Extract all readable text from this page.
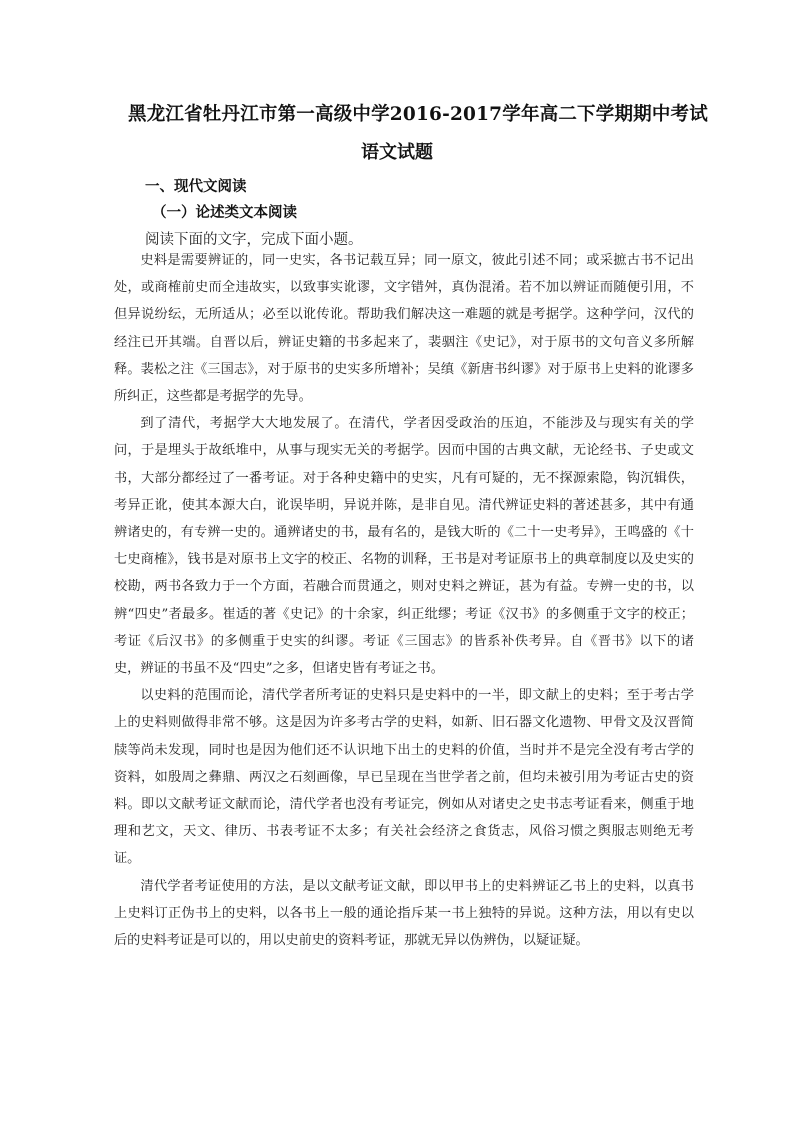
黑龙江省牡丹江市第一高级中学2016-2017学年高二下学期期中考试
语文试题
一、现代文阅读
（一）论述类文本阅读
阅读下面的文字，完成下面小题。

史料是需要辨证的，同一史实，各书记载互异；同一原文，彼此引述不同；或采摭古书不记出处，或商榷前史而全违故实，以致事实讹谬，文字错舛，真伪混淆。若不加以辨证而随便引用，不但异说纷纭，无所适从；必至以讹传讹。帮助我们解决这一难题的就是考据学。这种学问，汉代的经注已开其端。自晋以后，辨证史籍的书多起来了，裴骃注《史记》，对于原书的文句音义多所解释。裴松之注《三国志》，对于原书的史实多所增补；吴缜《新唐书纠谬》对于原书上史料的讹谬多所纠正，这些都是考据学的先导。

到了清代，考据学大大地发展了。在清代，学者因受政治的压迫，不能涉及与现实有关的学问，于是埋头于故纸堆中，从事与现实无关的考据学。因而中国的古典文献，无论经书、子史或文书，大部分都经过了一番考证。对于各种史籍中的史实，凡有可疑的，无不探源索隐，钩沉辑佚，考异正讹，使其本源大白，讹误毕明，异说并陈，是非自见。清代辨证史料的著述甚多，其中有通辨诸史的，有专辨一史的。通辨诸史的书，最有名的，是钱大昕的《二十一史考异》，王鸣盛的《十七史商榷》，钱书是对原书上文字的校正、名物的训释，王书是对考证原书上的典章制度以及史实的校勘，两书各致力于一个方面，若融合而贯通之，则对史料之辨证，甚为有益。专辨一史的书，以辨“四史”者最多。崔适的著《史记》的十余家，纠正纰缪；考证《汉书》的多侧重于文字的校正；考证《后汉书》的多侧重于史实的纠谬。考证《三国志》的皆系补佚考异。自《晋书》以下的诸史，辨证的书虽不及“四史”之多，但诸史皆有考证之书。

以史料的范围而论，清代学者所考证的史料只是史料中的一半，即文献上的史料；至于考古学上的史料则做得非常不够。这是因为许多考古学的史料，如新、旧石器文化遗物、甲骨文及汉晋简牍等尚未发现，同时也是因为他们还不认识地下出土的史料的价值，当时并不是完全没有考古学的资料，如殷周之彝鼎、两汉之石刻画像，早已呈现在当世学者之前，但均未被引用为考证古史的资料。即以文献考证文献而论，清代学者也没有考证完，例如从对诸史之史书志考证看来，侧重于地理和艺文，天文、律历、书表考证不太多；有关社会经济之食货志，风俗习惯之舆服志则绝无考证。

清代学者考证使用的方法，是以文献考证文献，即以甲书上的史料辨证乙书上的史料，以真书上史料订正伪书上的史料，以各书上一般的通论指斥某一书上独特的异说。这种方法，用以有史以后的史料考证是可以的，用以史前史的资料考证，那就无异以伪辨伪，以疑证疑。
